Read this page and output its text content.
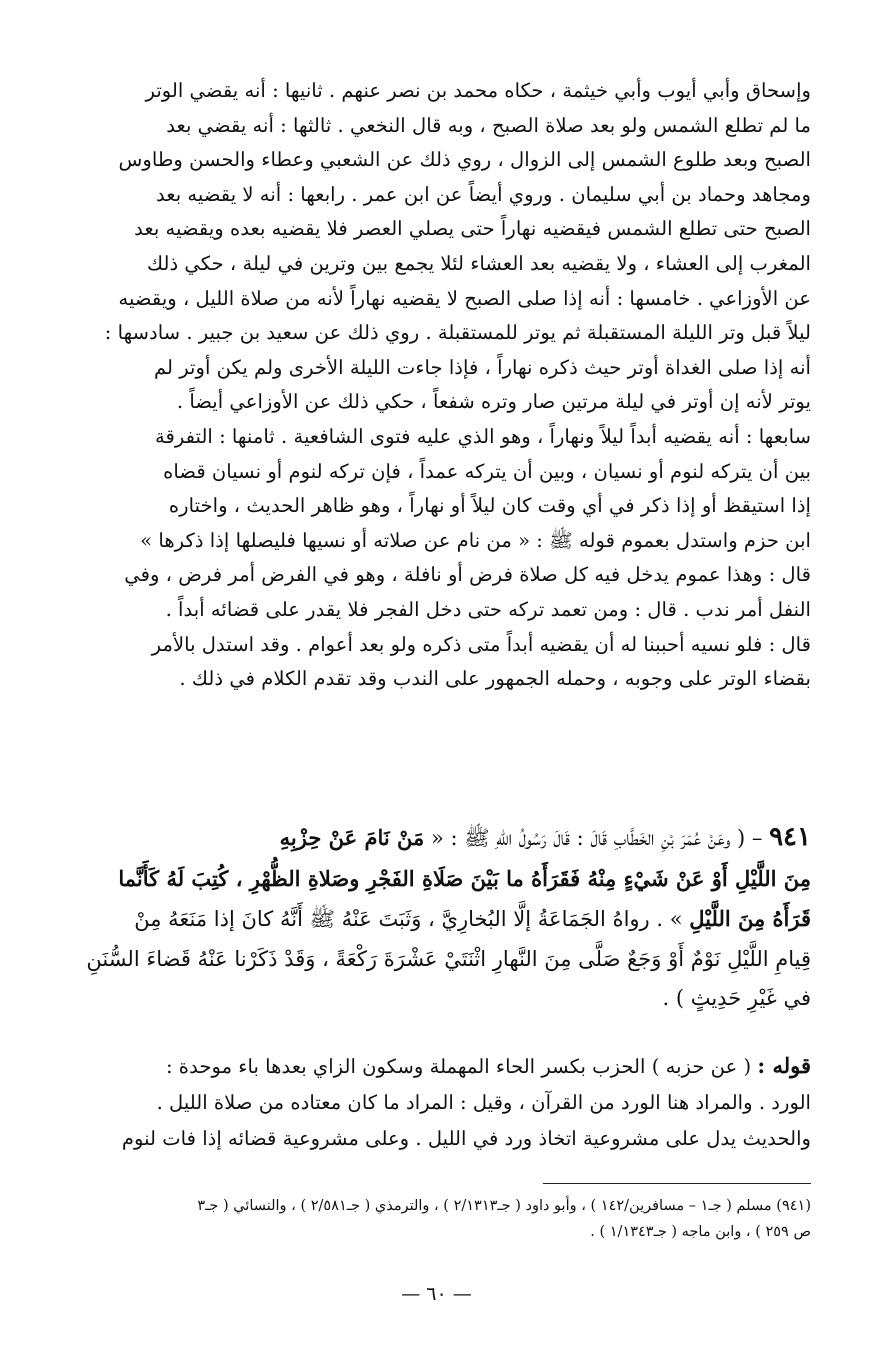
وإسحاق وأبي أيوب وأبي خيثمة ، حكاه محمد بن نصر عنهم . ثانيها : أنه يقضي الوتر

ما لم تطلع الشمس ولو بعد صلاة الصبح ، وبه قال النخعي . ثالثها : أنه يقضي بعد

الصبح وبعد طلوع الشمس إلى الزوال ، روي ذلك عن الشعبي وعطاء والحسن وطاوس

ومجاهد وحماد بن أبي سليمان . وروي أيضاً عن ابن عمر . رابعها : أنه لا يقضيه بعد

الصبح حتى تطلع الشمس فيقضيه نهاراً حتى يصلي العصر فلا يقضيه بعده ويقضيه بعد

المغرب إلى العشاء ، ولا يقضيه بعد العشاء لئلا يجمع بين وترين في ليلة ، حكي ذلك

عن الأوزاعي . خامسها : أنه إذا صلى الصبح لا يقضيه نهاراً لأنه من صلاة الليل ، ويقضيه

ليلاً قبل وتر الليلة المستقبلة ثم يوتر للمستقبلة . روي ذلك عن سعيد بن جبير . سادسها :

أنه إذا صلى الغداة أوتر حيث ذكره نهاراً ، فإذا جاءت الليلة الأخرى ولم يكن أوتر لم

يوتر لأنه إن أوتر في ليلة مرتين صار وتره شفعاً ، حكي ذلك عن الأوزاعي أيضاً .

سابعها : أنه يقضيه أبداً ليلاً ونهاراً ، وهو الذي عليه فتوى الشافعية . ثامنها : التفرقة

بين أن يتركه لنوم أو نسيان ، وبين أن يتركه عمداً ، فإن تركه لنوم أو نسيان قضاه

إذا استيقظ أو إذا ذكر في أي وقت كان ليلاً أو نهاراً ، وهو ظاهر الحديث ، واختاره

ابن حزم واستدل بعموم قوله ﷺ : « من نام عن صلاته أو نسيها فليصلها إذا ذكرها »

قال : وهذا عموم يدخل فيه كل صلاة فرض أو نافلة ، وهو في الفرض أمر فرض ، وفي

النفل أمر ندب . قال : ومن تعمد تركه حتى دخل الفجر فلا يقدر على قضائه أبداً .

قال : فلو نسيه أحببنا له أن يقضيه أبداً متى ذكره ولو بعد أعوام . وقد استدل بالأمر

بقضاء الوتر على وجوبه ، وحمله الجمهور على الندب وقد تقدم الكلام في ذلك .

٩٤١ – ( وعَنْ عُمَرَ بْنِ الخَطَّابِ قَالَ : قَالَ رَسُولُ اللهِ ﷺ : « مَنْ نَامَ عَنْ حِزْبِهِ

مِنَ اللَّيْلِ أَوْ عَنْ شَيْءٍ مِنْهُ فَقَرَأَهُ ما بَيْنَ صَلَاةِ الفَجْرِ وصَلاةِ الظُّهْرِ ، كُتِبَ لَهُ كَأَنَّما

قَرَأَهُ مِنَ اللَّيْلِ » . رواهُ الجَمَاعَةُ إلَّا البُخارِيَّ ، وَثَبَتَ عَنْهُ ﷺ أَنَّهُ كانَ إذا مَنَعَهُ مِنْ

قِيامِ اللَّيْلِ نَوْمٌ أَوْ وَجَعٌ صَلَّى مِنَ النَّهارِ اثْنَتَيْ عَشْرَةَ رَكْعَةً ، وَقَدْ ذَكَرْنا عَنْهُ قَضاءَ السُّنَنِ

في غَيْرِ حَدِيثٍ ) .

قوله : ( عن حزبه ) الحزب بكسر الحاء المهملة وسكون الزاي بعدها باء موحدة :

الورد . والمراد هنا الورد من القرآن ، وقيل : المراد ما كان معتاده من صلاة الليل .

والحديث يدل على مشروعية اتخاذ ورد في الليل . وعلى مشروعية قضائه إذا فات لنوم

(٩٤١) مسلم ( جـ١ – مسافرين/١٤٢ ) ، وأبو داود ( جـ٢/١٣١٣ ) ، والترمذي ( جـ٢/٥٨١ ) ، والنسائي ( جـ٣

ص ٢٥٩ ) ، وابن ماجه ( جـ١/١٣٤٣ ) .

— ٦٠ —
